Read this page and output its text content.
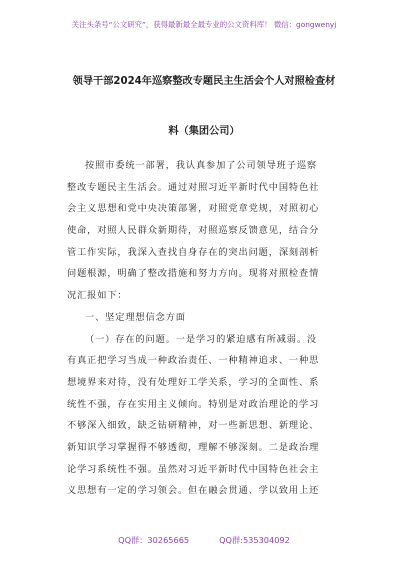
关注头条号“公文研究”，获得最新最全最专业的公文资料库！ 微信：gongwenyj
领导干部2024年巡察整改专题民主生活会个人对照检查材
料（集团公司）
按照市委统一部署，我认真参加了公司领导班子巡察
整改专题民主生活会。通过对照习近平新时代中国特色社
会主义思想和党中央决策部署，对照党章党规，对照初心
使命，对照人民群众新期待，对照巡察反馈意见，结合分
管工作实际，我深入查找自身存在的突出问题，深刻剖析
问题根源，明确了整改措施和努力方向。现将对照检查情
况汇报如下：
一、坚定理想信念方面
（一）存在的问题。一是学习的紧迫感有所减弱。没
有真正把学习当成一种政治责任、一种精神追求、一种思
想境界来对待，没有处理好工学关系，学习的全面性、系
统性不强，存在实用主义倾向。特别是对政治理论的学习
不够深入细致，缺乏钻研精神，对一些新思想、新理论、
新知识学习掌握得不够透彻，理解不够深刻。二是政治理
论学习系统性不强。虽然对习近平新时代中国特色社会主
义思想有一定的学习领会。但在融会贯通、学以致用上还
QQ群：30265665	QQ群:535304092
